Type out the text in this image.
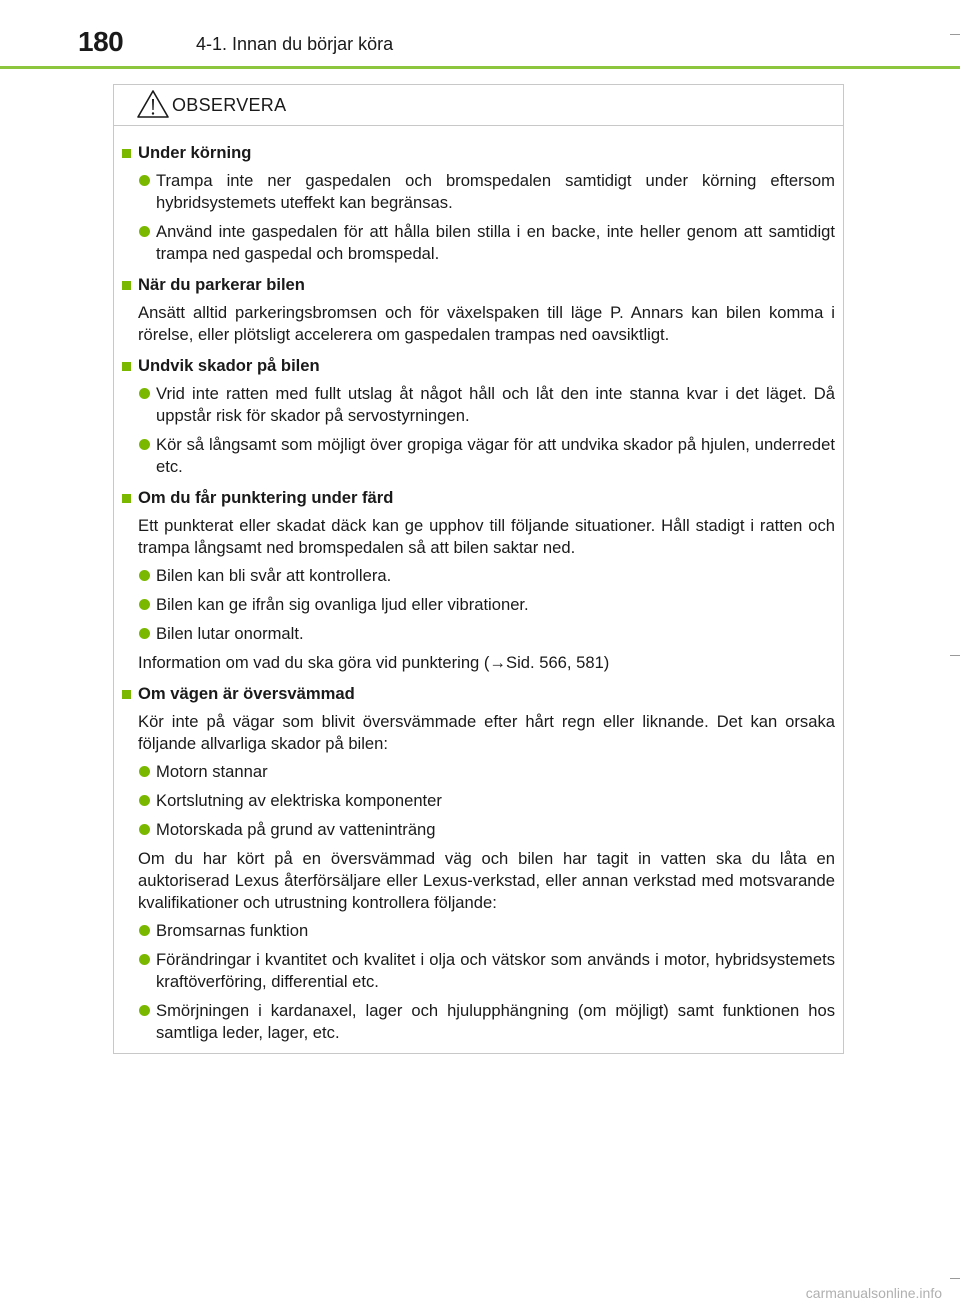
180	4-1. Innan du börjar köra
OBSERVERA
Under körning
Trampa inte ner gaspedalen och bromspedalen samtidigt under körning eftersom hybridsystemets uteffekt kan begränsas.
Använd inte gaspedalen för att hålla bilen stilla i en backe, inte heller genom att samtidigt trampa ned gaspedal och bromspedal.
När du parkerar bilen
Ansätt alltid parkeringsbromsen och för växelspaken till läge P. Annars kan bilen komma i rörelse, eller plötsligt accelerera om gaspedalen trampas ned oavsiktligt.
Undvik skador på bilen
Vrid inte ratten med fullt utslag åt något håll och låt den inte stanna kvar i det läget. Då uppstår risk för skador på servostyrningen.
Kör så långsamt som möjligt över gropiga vägar för att undvika skador på hjulen, underredet etc.
Om du får punktering under färd
Ett punkterat eller skadat däck kan ge upphov till följande situationer. Håll stadigt i ratten och trampa långsamt ned bromspedalen så att bilen saktar ned.
Bilen kan bli svår att kontrollera.
Bilen kan ge ifrån sig ovanliga ljud eller vibrationer.
Bilen lutar onormalt.
Information om vad du ska göra vid punktering (→Sid. 566, 581)
Om vägen är översvämmad
Kör inte på vägar som blivit översvämmade efter hårt regn eller liknande. Det kan orsaka följande allvarliga skador på bilen:
Motorn stannar
Kortslutning av elektriska komponenter
Motorskada på grund av vatteninträng
Om du har kört på en översvämmad väg och bilen har tagit in vatten ska du låta en auktoriserad Lexus återförsäljare eller Lexus-verkstad, eller annan verkstad med motsvarande kvalifikationer och utrustning kontrollera följande:
Bromsarnas funktion
Förändringar i kvantitet och kvalitet i olja och vätskor som används i motor, hybridsystemets kraftöverföring, differential etc.
Smörjningen i kardanaxel, lager och hjulupphängning (om möjligt) samt funktionen hos samtliga leder, lager, etc.
carmanualsonline.info
